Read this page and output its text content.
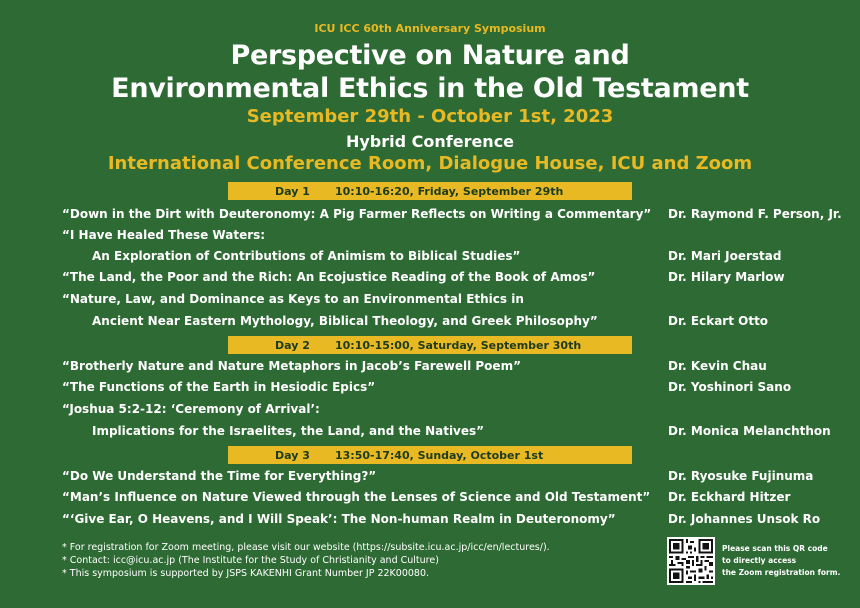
ICU ICC 60th Anniversary Symposium
Perspective on Nature and
Environmental Ethics in the Old Testament
September 29th - October 1st, 2023
Hybrid Conference
International Conference Room, Dialogue House, ICU and Zoom
Day 1	10:10-16:20, Friday, September 29th
“Down in the Dirt with Deuteronomy: A Pig Farmer Reflects on Writing a Commentary” Dr. Raymond F. Person, Jr.
“I Have Healed These Waters:
An Exploration of Contributions of Animism to Biblical Studies”	Dr. Mari Joerstad
“The Land, the Poor and the Rich: An Ecojustice Reading of the Book of Amos”	Dr. Hilary Marlow
“Nature, Law, and Dominance as Keys to an Environmental Ethics in
Ancient Near Eastern Mythology, Biblical Theology, and Greek Philosophy”	Dr. Eckart Otto
Day 2	10:10-15:00, Saturday, September 30th
“Brotherly Nature and Nature Metaphors in Jacob’s Farewell Poem”	Dr. Kevin Chau
“The Functions of the Earth in Hesiodic Epics”	Dr. Yoshinori Sano
“Joshua 5:2-12: ‘Ceremony of Arrival’:
Implications for the Israelites, the Land, and the Natives”	Dr. Monica Melanchthon
Day 3	13:50-17:40, Sunday, October 1st
“Do We Understand the Time for Everything?”	Dr. Ryosuke Fujinuma
“Man’s Influence on Nature Viewed through the Lenses of Science and Old Testament” Dr. Eckhard Hitzer
“‘Give Ear, O Heavens, and I Will Speak’: The Non-human Realm in Deuteronomy”	Dr. Johannes Unsok Ro
* For registration for Zoom meeting, please visit our website (https://subsite.icu.ac.jp/icc/en/lectures/).
* Contact: icc@icu.ac.jp (The Institute for the Study of Christianity and Culture)
* This symposium is supported by JSPS KAKENHI Grant Number JP 22K00080.
Please scan this QR code
to directly access
the Zoom registration form.
